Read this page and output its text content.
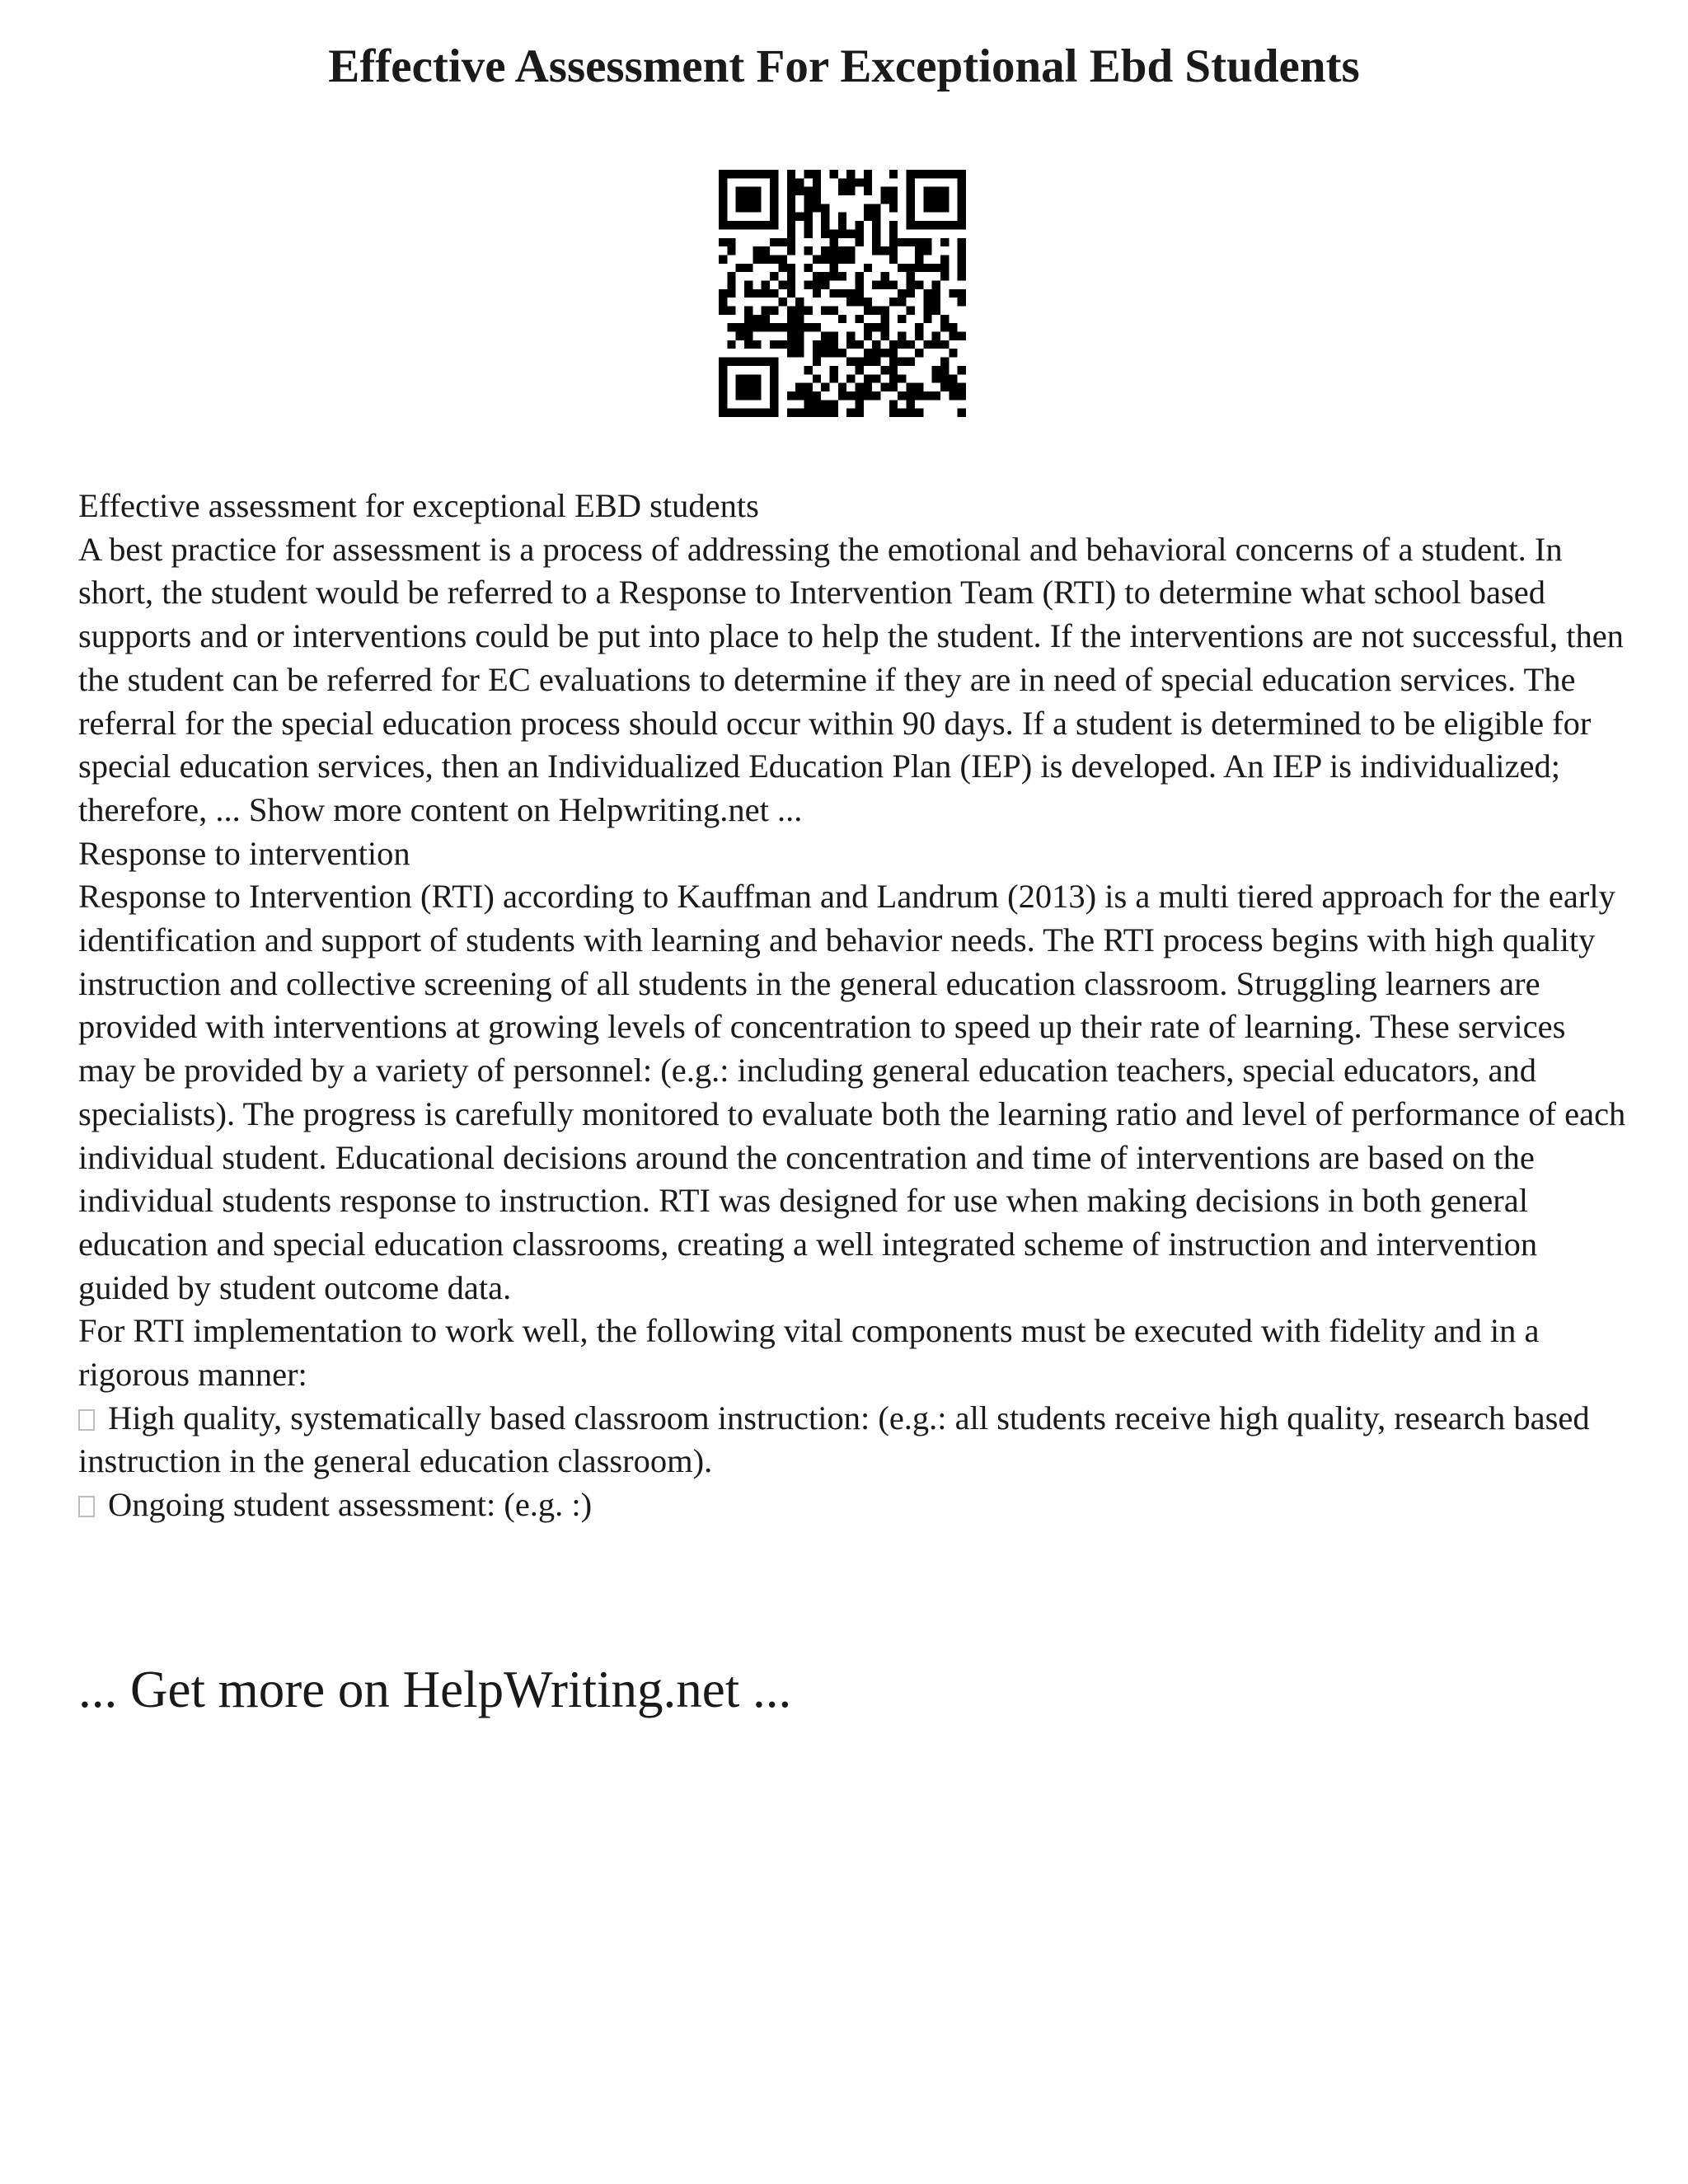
Effective Assessment For Exceptional Ebd Students

Effective assessment for exceptional EBD students

A best practice for assessment is a process of addressing the emotional and behavioral concerns of a student. In short, the student would be referred to a Response to Intervention Team (RTI) to determine what school based supports and or interventions could be put into place to help the student. If the interventions are not successful, then the student can be referred for EC evaluations to determine if they are in need of special education services. The referral for the special education process should occur within 90 days. If a student is determined to be eligible for special education services, then an Individualized Education Plan (IEP) is developed. An IEP is individualized; therefore, ... Show more content on Helpwriting.net ...

Response to intervention

Response to Intervention (RTI) according to Kauffman and Landrum (2013) is a multi tiered approach for the early identification and support of students with learning and behavior needs. The RTI process begins with high quality instruction and collective screening of all students in the general education classroom. Struggling learners are provided with interventions at growing levels of concentration to speed up their rate of learning. These services may be provided by a variety of personnel: (e.g.: including general education teachers, special educators, and specialists). The progress is carefully monitored to evaluate both the learning ratio and level of performance of each individual student. Educational decisions around the concentration and time of interventions are based on the individual students response to instruction. RTI was designed for use when making decisions in both general education and special education classrooms, creating a well integrated scheme of instruction and intervention guided by student outcome data.

For RTI implementation to work well, the following vital components must be executed with fidelity and in a rigorous manner:

High quality, systematically based classroom instruction: (e.g.: all students receive high quality, research based instruction in the general education classroom).

Ongoing student assessment: (e.g. :)

... Get more on HelpWriting.net ...
